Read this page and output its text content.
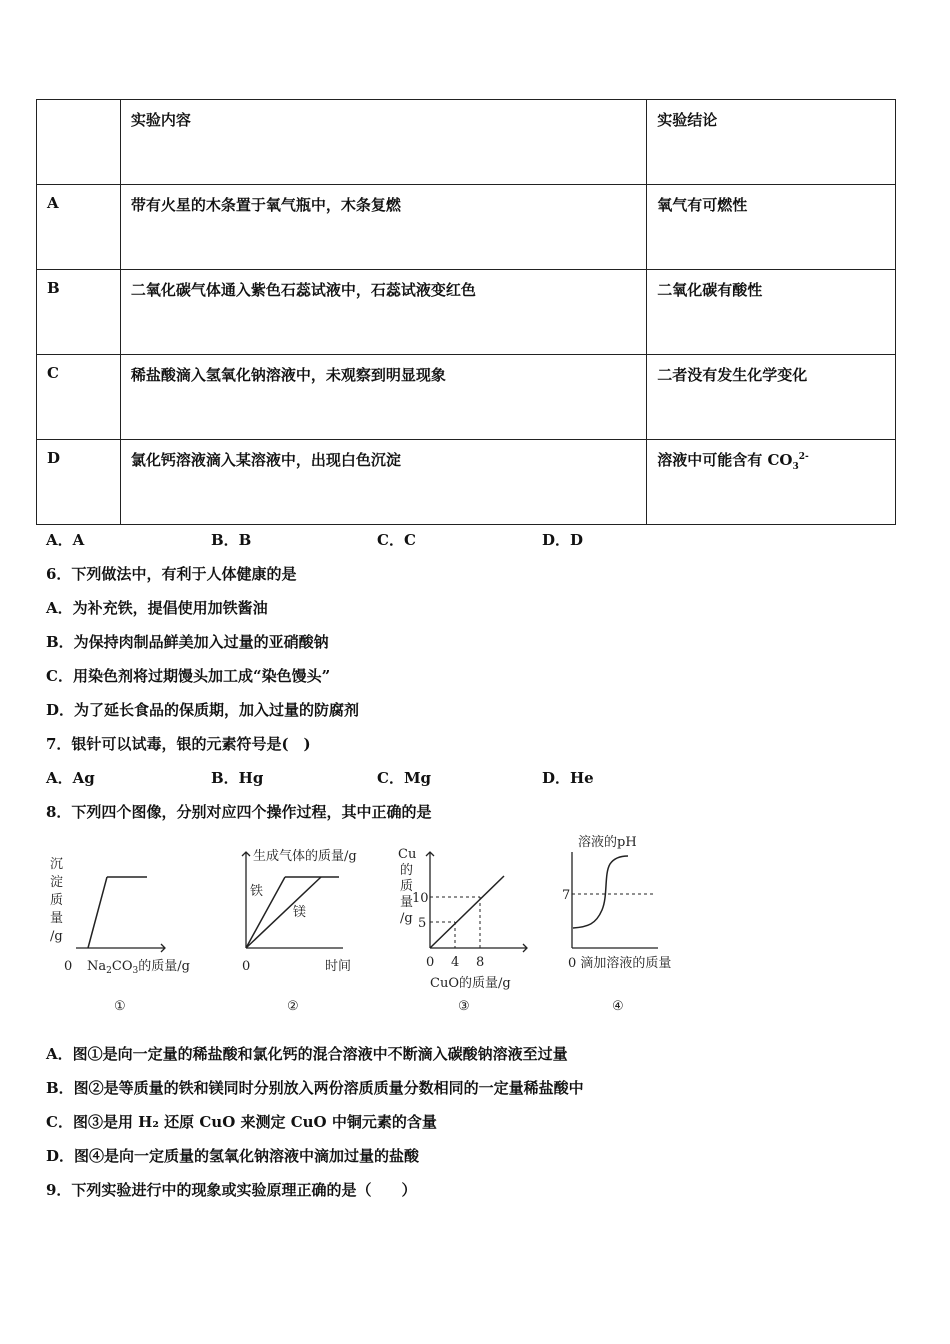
	实验内容	实验结论
A	带有火星的木条置于氧气瓶中，木条复燃	氧气有可燃性
B	二氧化碳气体通入紫色石蕊试液中，石蕊试液变红色	二氧化碳有酸性
C	稀盐酸滴入氢氧化钠溶液中，未观察到明显现象	二者没有发生化学变化
D	氯化钙溶液滴入某溶液中，出现白色沉淀	溶液中可能含有 $CO_3^{2-}$
A．A	B．B	C．C	D．D
6．下列做法中，有利于人体健康的是
A．为补充铁，提倡使用加铁酱油
B．为保持肉制品鲜美加入过量的亚硝酸钠
C．用染色剂将过期馒头加工成“染色馒头”
D．为了延长食品的保质期，加入过量的防腐剂
7．银针可以试毒，银的元素符号是(　)
A．Ag	B．Hg	C．Mg	D．He
8．下列四个图像，分别对应四个操作过程，其中正确的是
沉
淀
质
量
/g
0 $Na_2CO_3$的质量/g
①
生成气体的质量/g
铁
镁
0	时间
②
Cu
的
质
量
/g
10
5
0 4 8
CuO的质量/g
③
溶液的pH
7
0 滴加溶液的质量
④
A．图①是向一定量的稀盐酸和氯化钙的混合溶液中不断滴入碳酸钠溶液至过量
B．图②是等质量的铁和镁同时分别放入两份溶质质量分数相同的一定量稀盐酸中
C．图③是用 H₂ 还原 CuO 来测定 CuO 中铜元素的含量
D．图④是向一定质量的氢氧化钠溶液中滴加过量的盐酸
9．下列实验进行中的现象或实验原理正确的是（　　）
